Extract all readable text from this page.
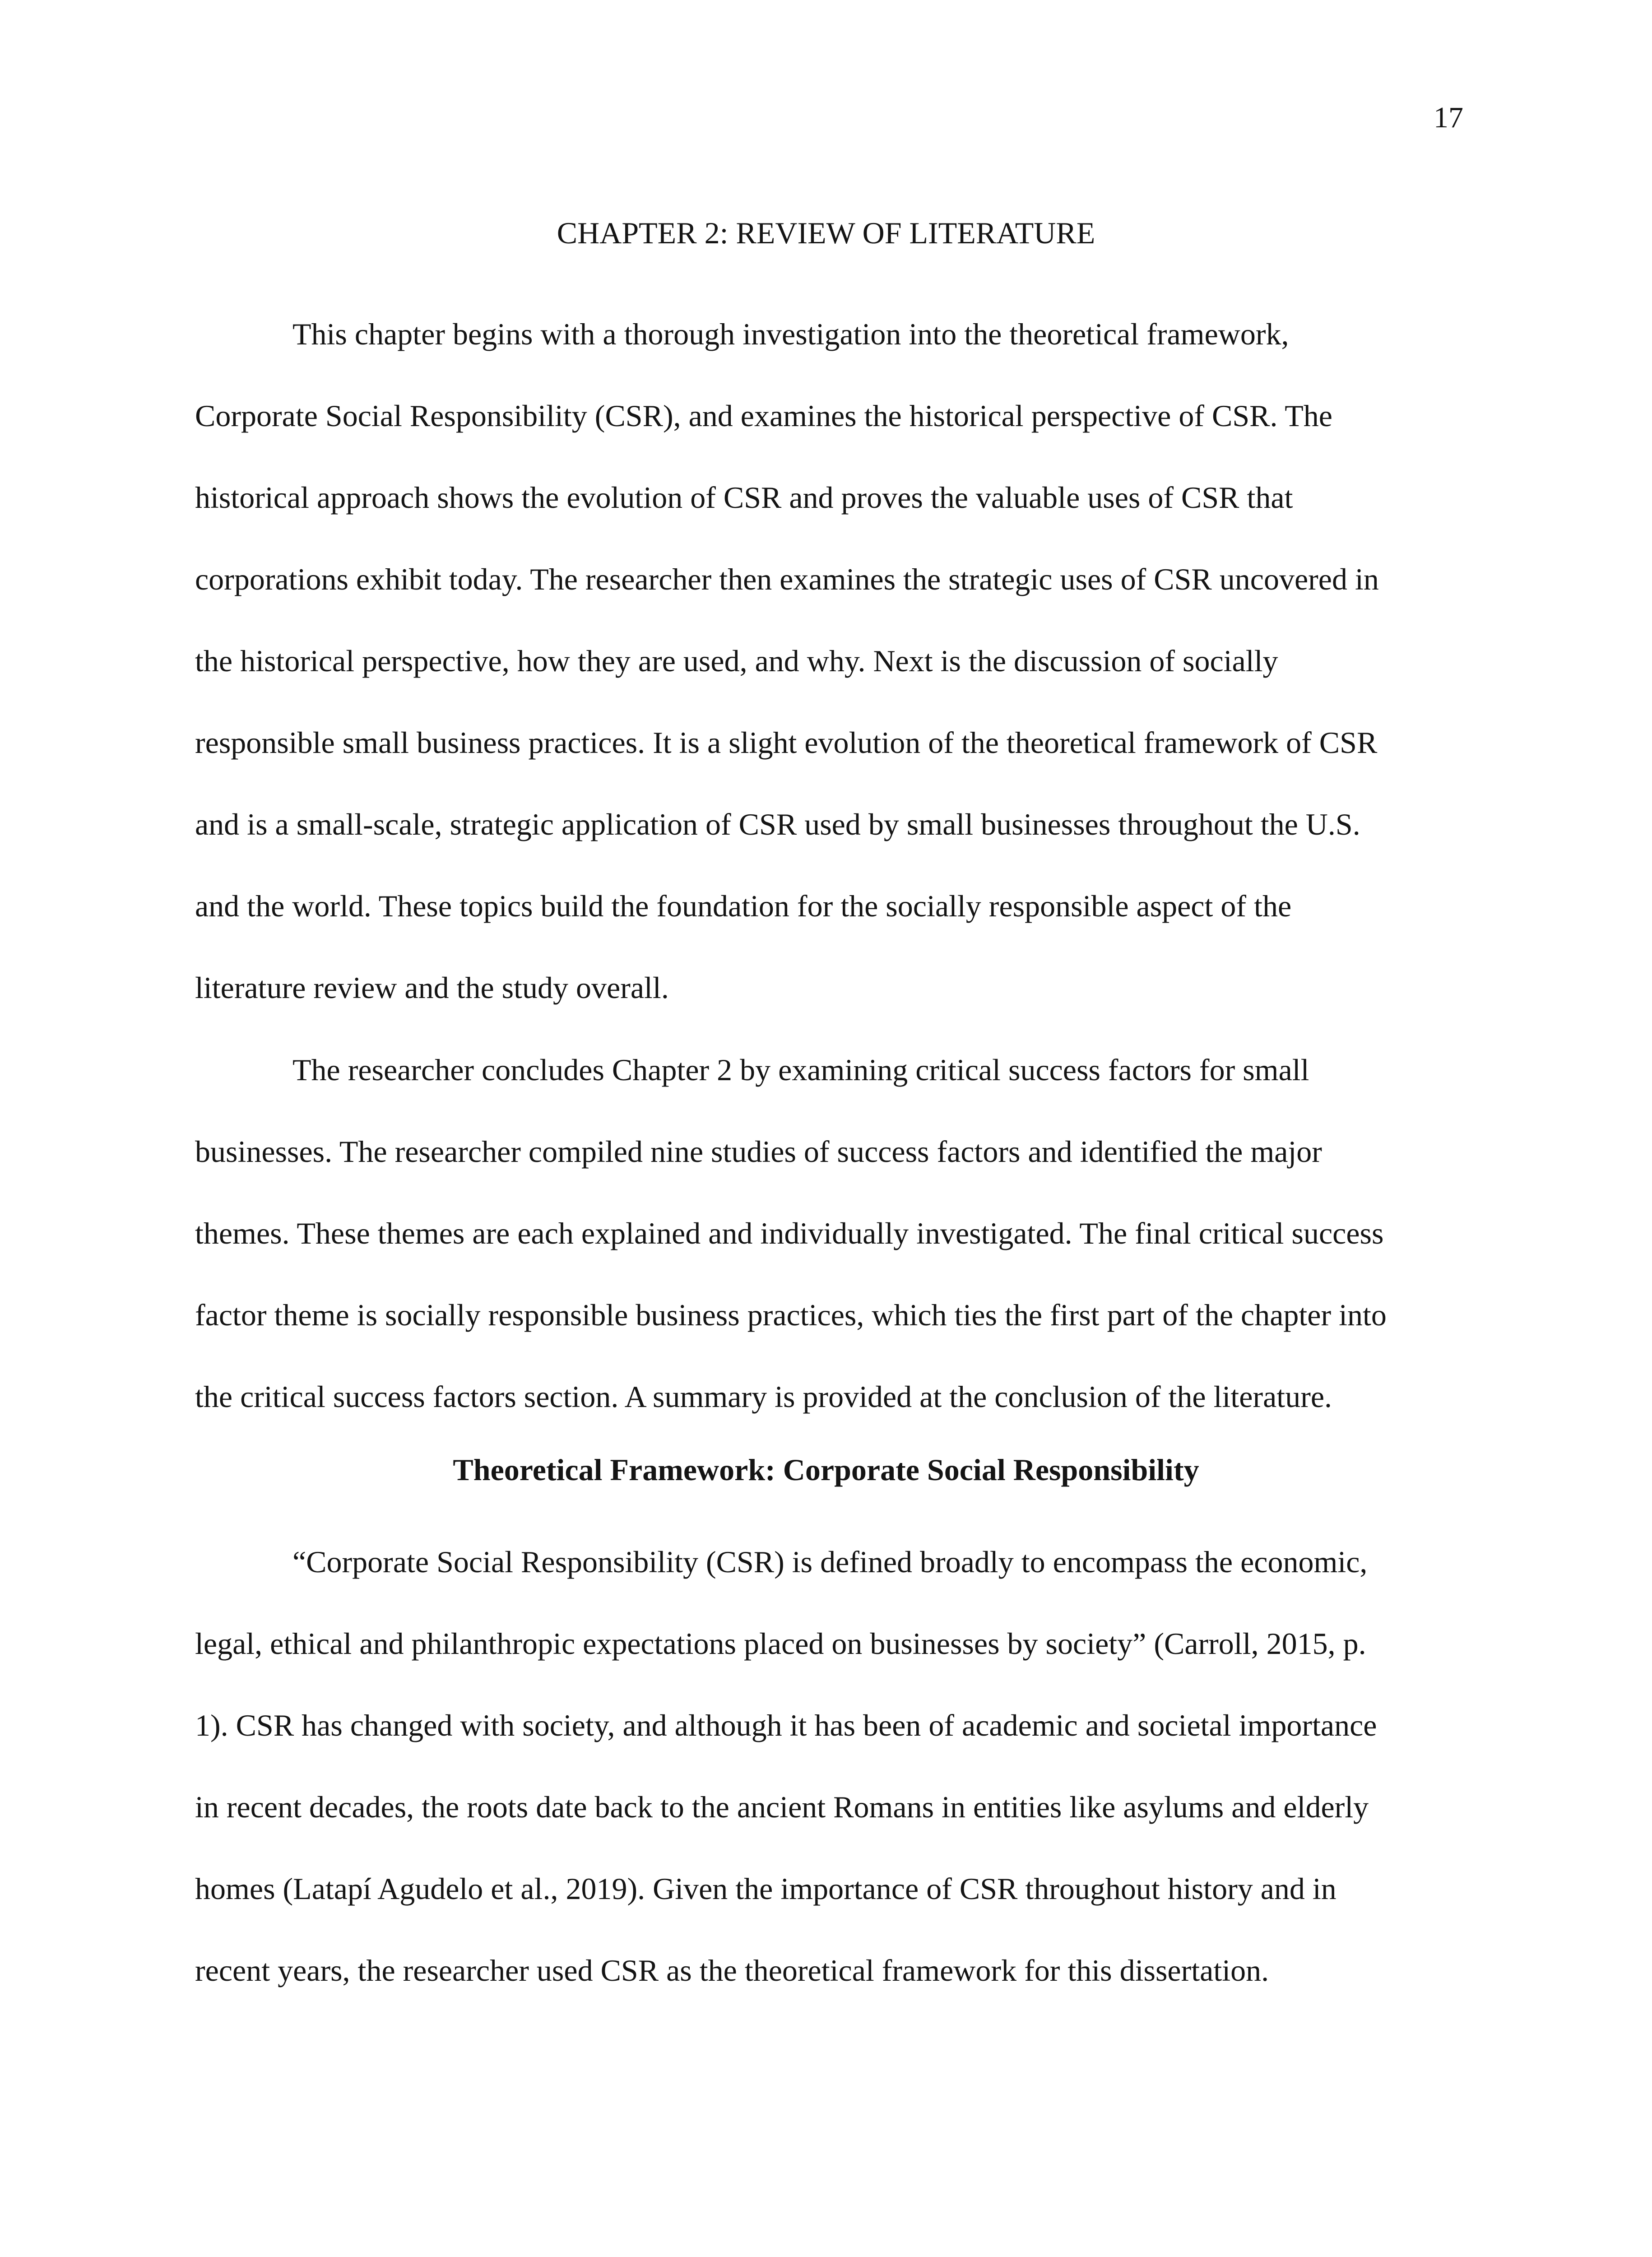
17
CHAPTER 2: REVIEW OF LITERATURE
This chapter begins with a thorough investigation into the theoretical framework,
Corporate Social Responsibility (CSR), and examines the historical perspective of CSR. The
historical approach shows the evolution of CSR and proves the valuable uses of CSR that
corporations exhibit today. The researcher then examines the strategic uses of CSR uncovered in
the historical perspective, how they are used, and why. Next is the discussion of socially
responsible small business practices. It is a slight evolution of the theoretical framework of CSR
and is a small-scale, strategic application of CSR used by small businesses throughout the U.S.
and the world. These topics build the foundation for the socially responsible aspect of the
literature review and the study overall.
The researcher concludes Chapter 2 by examining critical success factors for small
businesses. The researcher compiled nine studies of success factors and identified the major
themes. These themes are each explained and individually investigated. The final critical success
factor theme is socially responsible business practices, which ties the first part of the chapter into
the critical success factors section. A summary is provided at the conclusion of the literature.
Theoretical Framework: Corporate Social Responsibility
“Corporate Social Responsibility (CSR) is defined broadly to encompass the economic,
legal, ethical and philanthropic expectations placed on businesses by society” (Carroll, 2015, p.
1). CSR has changed with society, and although it has been of academic and societal importance
in recent decades, the roots date back to the ancient Romans in entities like asylums and elderly
homes (Latapí Agudelo et al., 2019). Given the importance of CSR throughout history and in
recent years, the researcher used CSR as the theoretical framework for this dissertation.
